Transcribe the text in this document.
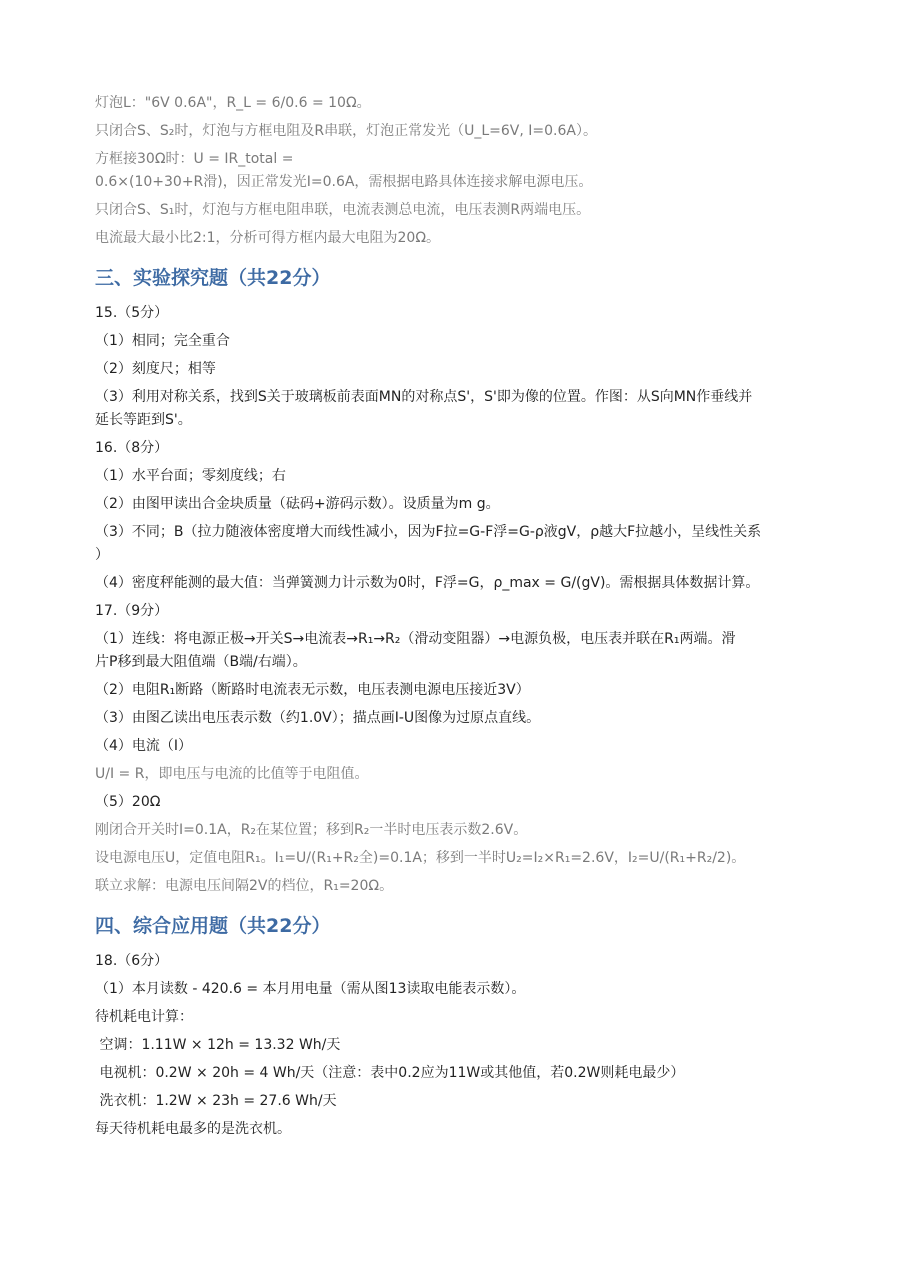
灯泡L："6V 0.6A"，R_L = 6/0.6 = 10Ω。

只闭合S、S₂时，灯泡与方框电阻及R串联，灯泡正常发光（U_L=6V, I=0.6A）。

方框接30Ω时：U = IR_total =

0.6×(10+30+R滑)，因正常发光I=0.6A，需根据电路具体连接求解电源电压。

只闭合S、S₁时，灯泡与方框电阻串联，电流表测总电流，电压表测R两端电压。

电流最大最小比2:1，分析可得方框内最大电阻为20Ω。

三、实验探究题（共22分）

15.（5分）

（1）相同；完全重合

（2）刻度尺；相等

（3）利用对称关系，找到S关于玻璃板前表面MN的对称点S'，S'即为像的位置。作图：从S向MN作垂线并

延长等距到S'。

16.（8分）

（1）水平台面；零刻度线；右

（2）由图甲读出合金块质量（砝码+游码示数）。设质量为m g。

（3）不同；B（拉力随液体密度增大而线性减小，因为F拉=G-F浮=G-ρ液gV，ρ越大F拉越小，呈线性关系

）

（4）密度秤能测的最大值：当弹簧测力计示数为0时，F浮=G，ρ_max = G/(gV)。需根据具体数据计算。

17.（9分）

（1）连线：将电源正极→开关S→电流表→R₁→R₂（滑动变阻器）→电源负极，电压表并联在R₁两端。滑

片P移到最大阻值端（B端/右端）。

（2）电阻R₁断路（断路时电流表无示数，电压表测电源电压接近3V）

（3）由图乙读出电压表示数（约1.0V）；描点画I-U图像为过原点直线。

（4）电流（I）

U/I = R，即电压与电流的比值等于电阻值。

（5）20Ω

刚闭合开关时I=0.1A，R₂在某位置；移到R₂一半时电压表示数2.6V。

设电源电压U，定值电阻R₁。I₁=U/(R₁+R₂全)=0.1A；移到一半时U₂=I₂×R₁=2.6V，I₂=U/(R₁+R₂/2)。

联立求解：电源电压间隔2V的档位，R₁=20Ω。

四、综合应用题（共22分）

18.（6分）

（1）本月读数 - 420.6 = 本月用电量（需从图13读取电能表示数）。

待机耗电计算：

空调：1.11W × 12h = 13.32 Wh/天

电视机：0.2W × 20h = 4 Wh/天（注意：表中0.2应为11W或其他值，若0.2W则耗电最少）

洗衣机：1.2W × 23h = 27.6 Wh/天

每天待机耗电最多的是洗衣机。
